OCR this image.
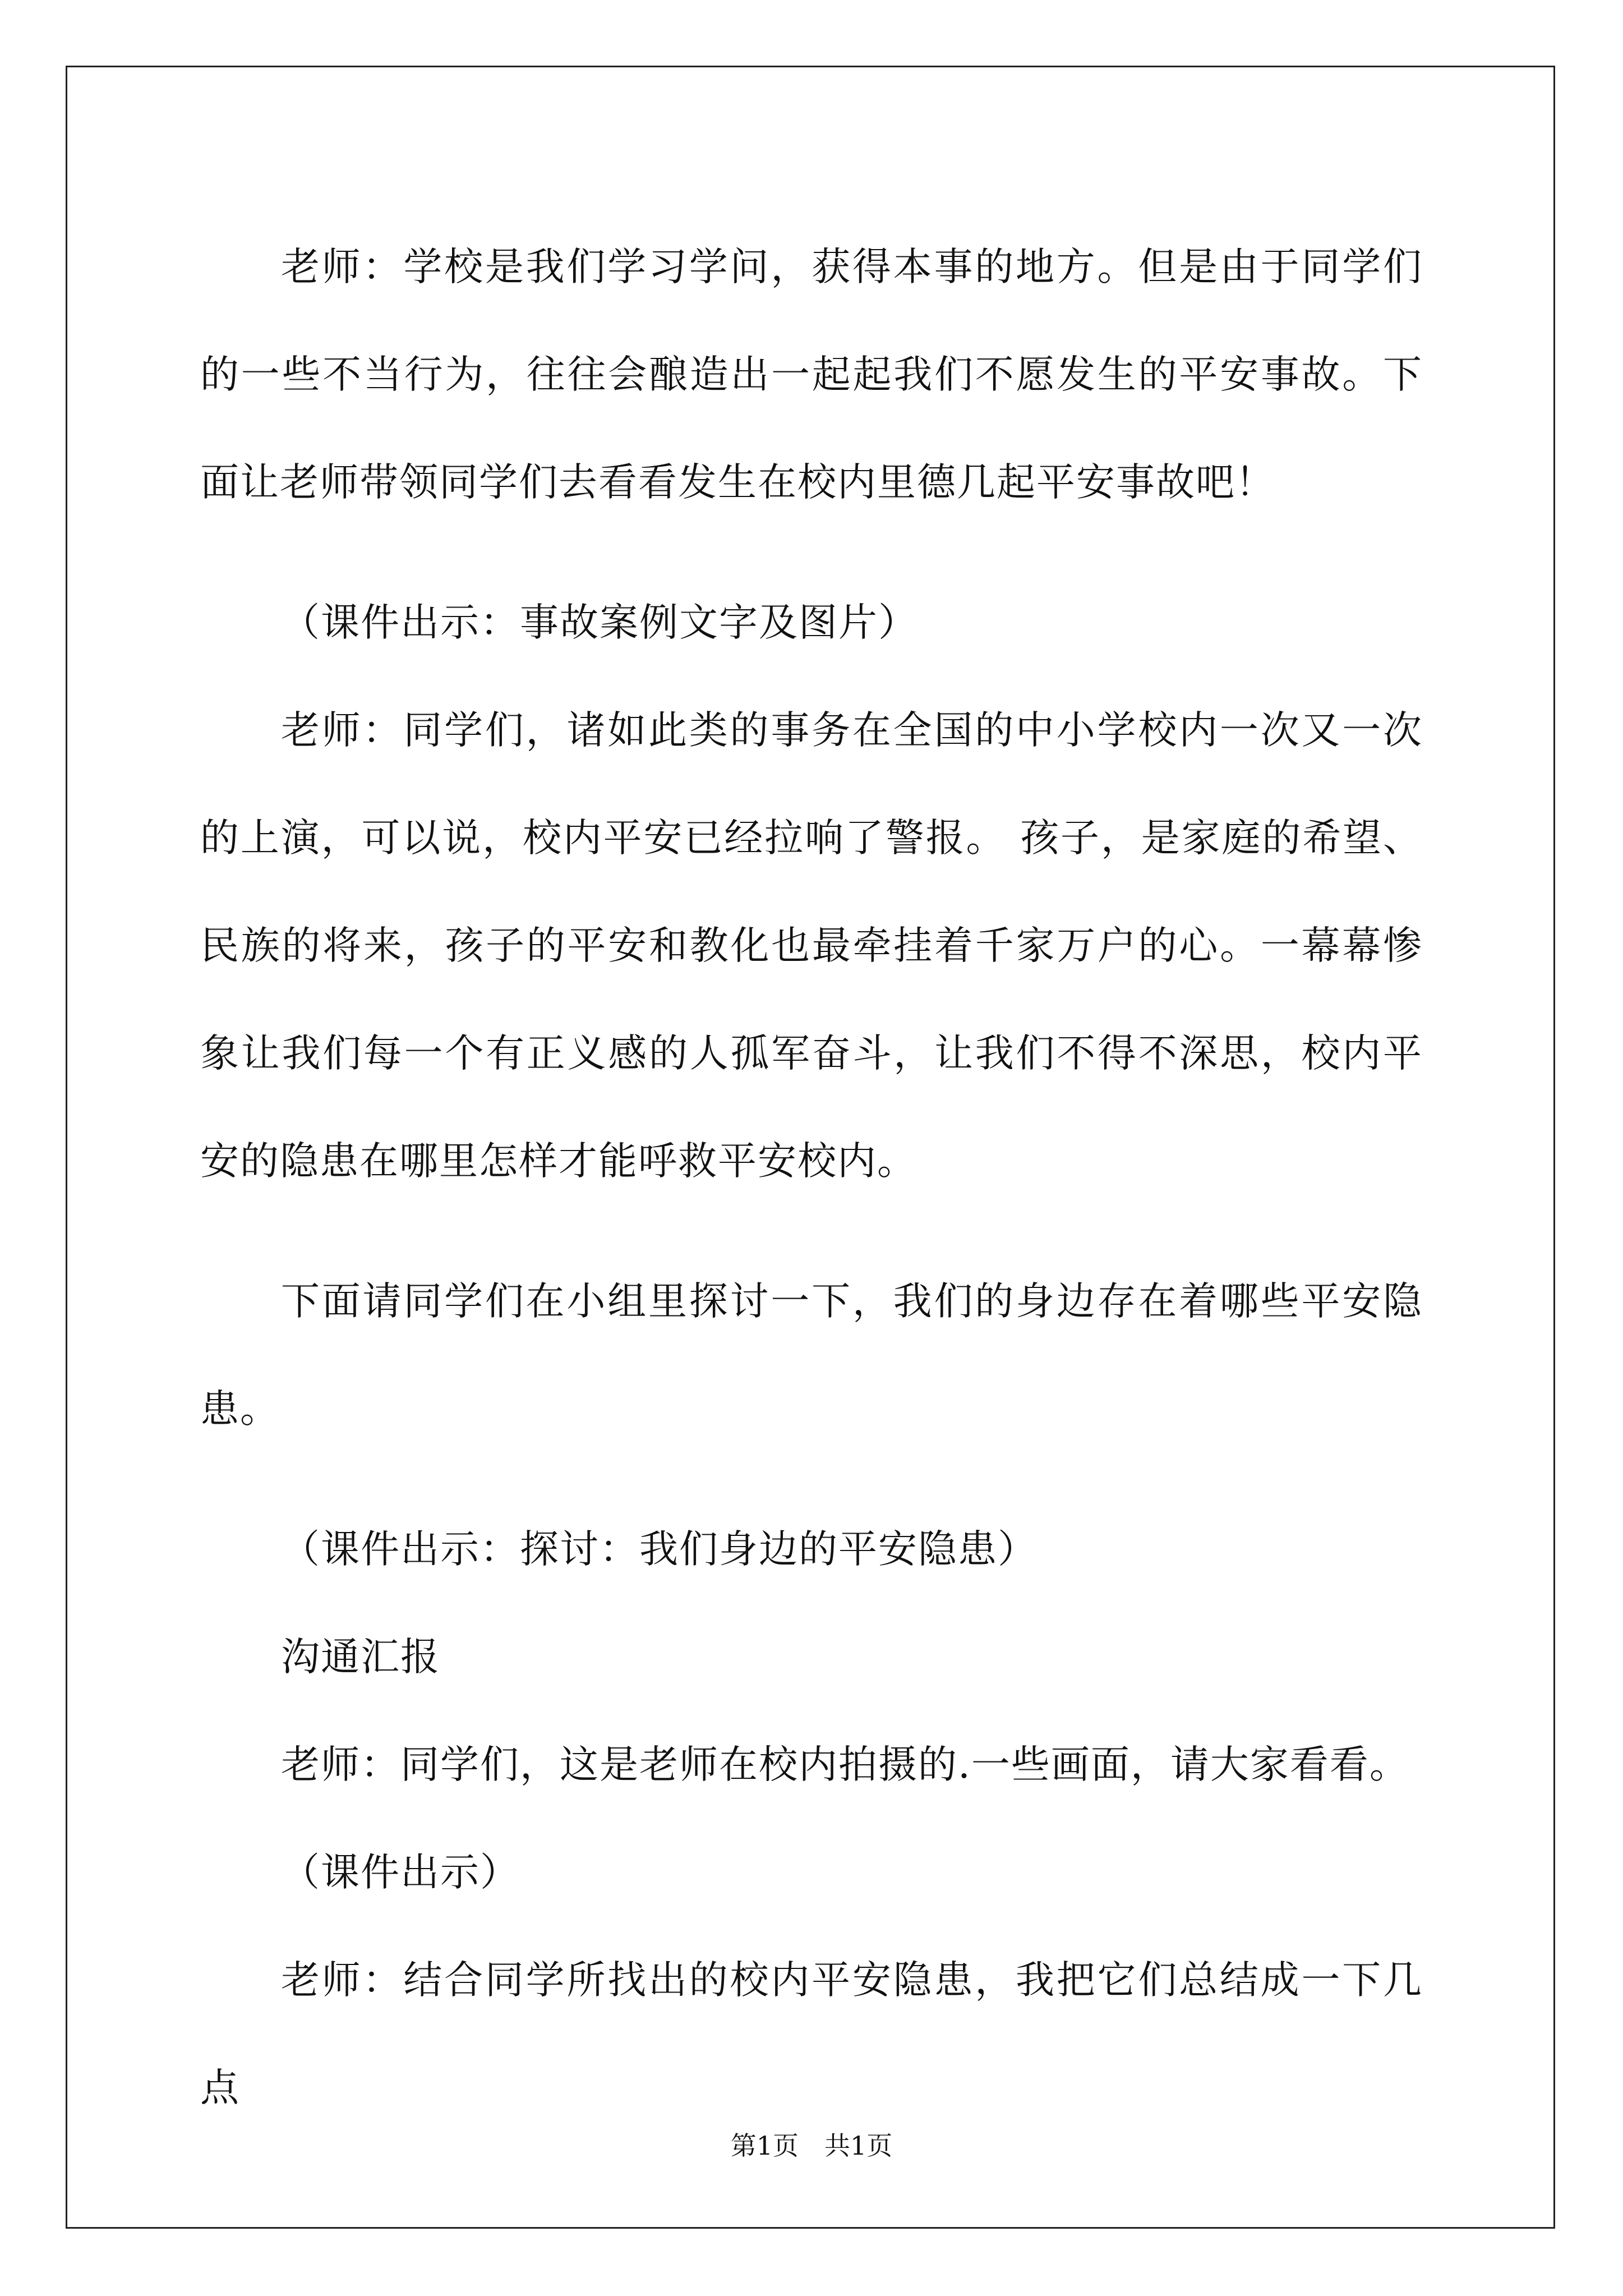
老师：学校是我们学习学问，获得本事的地方。但是由于同学们的一些不当行为，往往会酿造出一起起我们不愿发生的平安事故。下面让老师带领同学们去看看发生在校内里德几起平安事故吧！

（课件出示：事故案例文字及图片）

老师：同学们，诸如此类的事务在全国的中小学校内一次又一次的上演，可以说，校内平安已经拉响了警报。 孩子，是家庭的希望、民族的将来，孩子的平安和教化也最牵挂着千家万户的心。一幕幕惨象让我们每一个有正义感的人孤军奋斗，让我们不得不深思，校内平安的隐患在哪里怎样才能呼救平安校内。

下面请同学们在小组里探讨一下，我们的身边存在着哪些平安隐患。

（课件出示：探讨：我们身边的平安隐患）

沟通汇报

老师：同学们，这是老师在校内拍摄的.一些画面，请大家看看。

（课件出示）

老师：结合同学所找出的校内平安隐患，我把它们总结成一下几点

第1页　共1页
